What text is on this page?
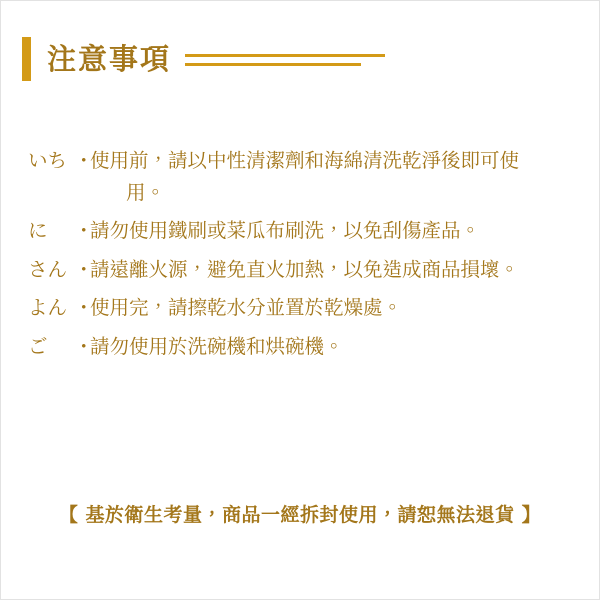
注意事項
いち ・
使用前，請以中性清潔劑和海綿清洗乾淨後即可使
用。
に	・
請勿使用鐵刷或菜瓜布刷洗，以免刮傷產品。
さん ・
請遠離火源，避免直火加熱，以免造成商品損壞。
よん ・
使用完，請擦乾水分並置於乾燥處。
ご	・
請勿使用於洗碗機和烘碗機。
【 基於衛生考量，商品一經拆封使用，請恕無法退貨 】
